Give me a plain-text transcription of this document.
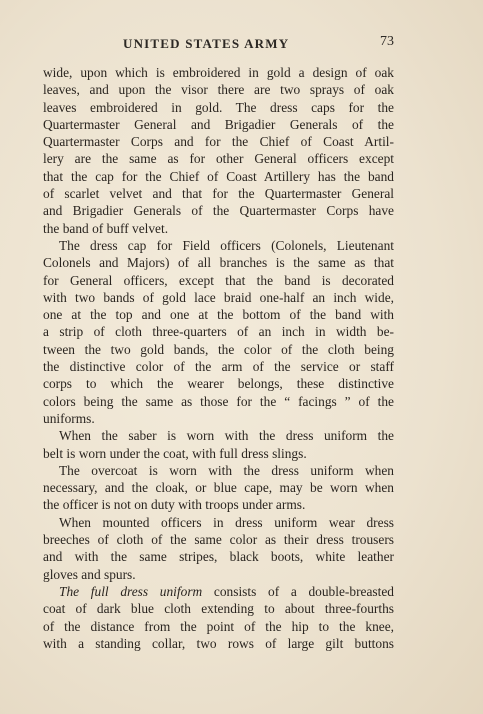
UNITED STATES ARMY	73

wide, upon which is embroidered in gold a design of oak
leaves, and upon the visor there are two sprays of oak
leaves embroidered in gold. The dress caps for the
Quartermaster General and Brigadier Generals of the
Quartermaster Corps and for the Chief of Coast Artil-
lery are the same as for other General officers except
that the cap for the Chief of Coast Artillery has the band
of scarlet velvet and that for the Quartermaster General
and Brigadier Generals of the Quartermaster Corps have
the band of buff velvet.

The dress cap for Field officers (Colonels, Lieutenant
Colonels and Majors) of all branches is the same as that
for General officers, except that the band is decorated
with two bands of gold lace braid one-half an inch wide,
one at the top and one at the bottom of the band with
a strip of cloth three-quarters of an inch in width be-
tween the two gold bands, the color of the cloth being
the distinctive color of the arm of the service or staff
corps to which the wearer belongs, these distinctive
colors being the same as those for the “ facings ” of the
uniforms.

When the saber is worn with the dress uniform the
belt is worn under the coat, with full dress slings.

The overcoat is worn with the dress uniform when
necessary, and the cloak, or blue cape, may be worn when
the officer is not on duty with troops under arms.

When mounted officers in dress uniform wear dress
breeches of cloth of the same color as their dress trousers
and with the same stripes, black boots, white leather
gloves and spurs.

The full dress uniform consists of a double-breasted
coat of dark blue cloth extending to about three-fourths
of the distance from the point of the hip to the knee,
with a standing collar, two rows of large gilt buttons
